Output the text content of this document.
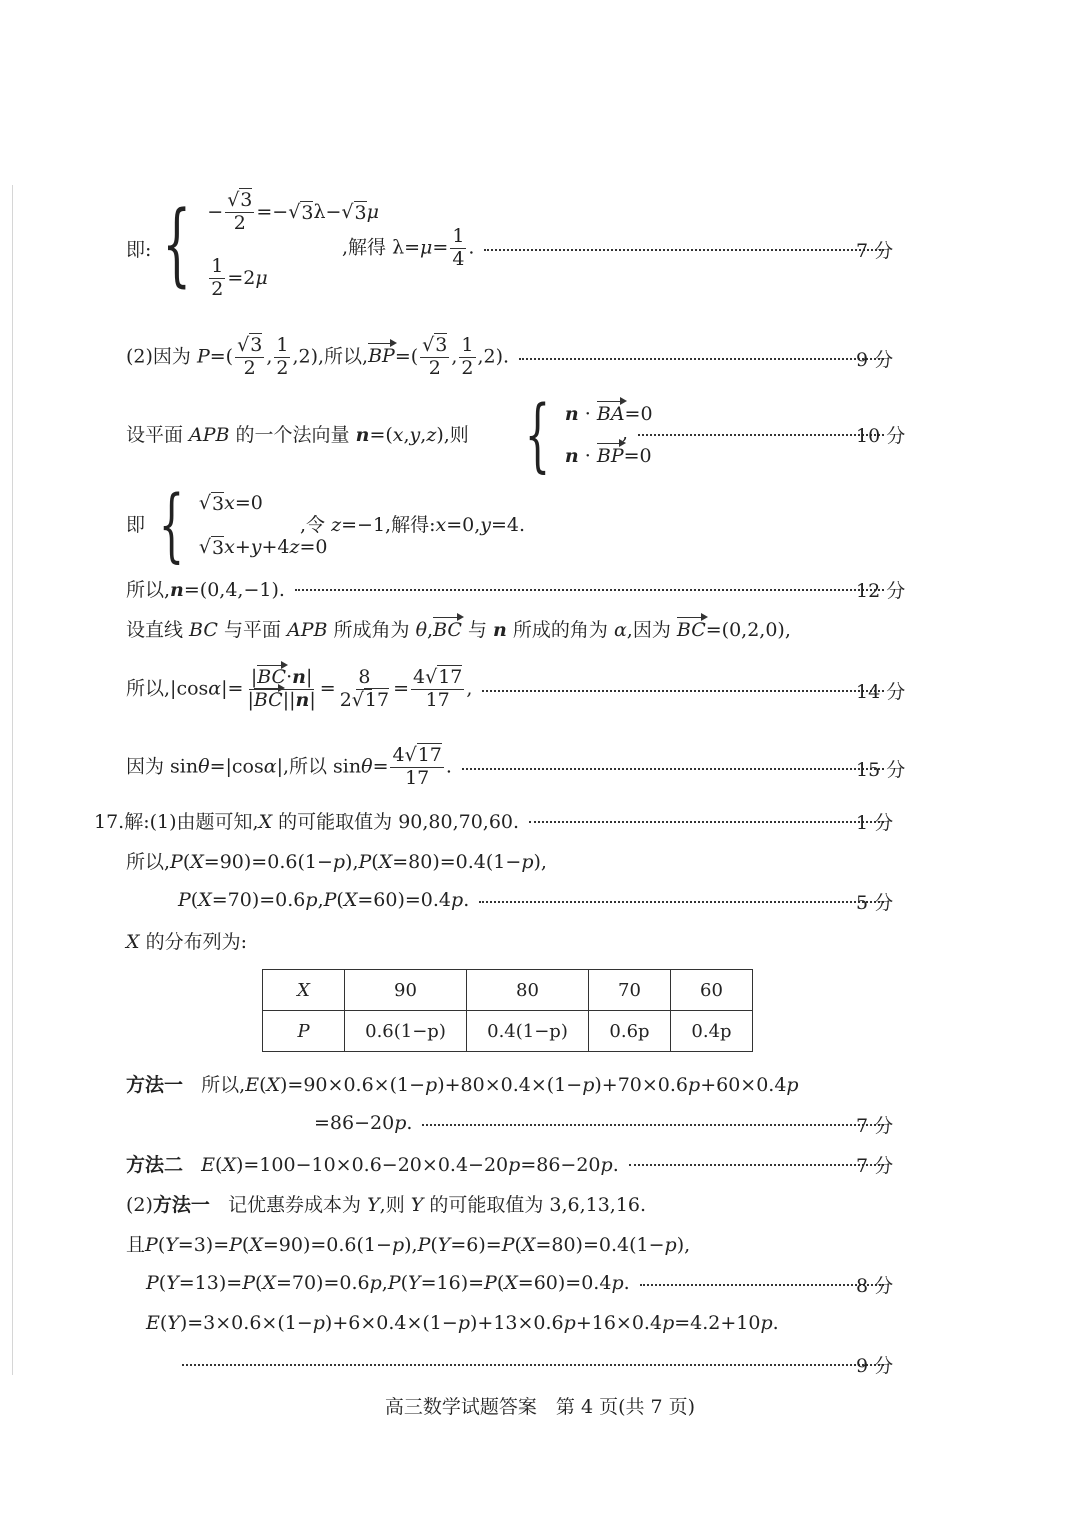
即: { − $\frac{√3}{2}$ =−√ 3 λ−√ 3 μ
$\frac{1}{2} =2$ μ
,解得 $\lambda=\mu= \frac{1}{4}$ .	7 分
(2)因为 $P=( \frac{√3}{2}$ , $\frac{1}{2} ,2$),所以$,BP=( \frac{√3}{2}$ , $\frac{1}{2} ,2$).	9 分
设平面 APB 的一个法向量 n=(x,y,z),则 { n · BA =0
n · BP =0
,	10 分
即 { √ 3 x =0
√ 3 x + y +4 z =0
,令 z=−1,解得:x=0,y=4.
所以,n=(0,4,−1).	12 分
设直线 BC 与平面 APB 所成角为 θ,BC 与 n 所成的角为 α,因为 BC=(0,2,0),
所以$,|\cos\alpha|= \frac{|BC\cdot n|}{|BC||n|} = \frac{8}{2√17} = \frac{4√17}{17}$ ,	14 分
因为 sinθ=|cosα|,所以 $\sin\theta= \frac{4√17}{17}$ .	15 分
17.解:(1)由题可知,X 的可能取值为 90,80,70,60.	1 分
所以,P(X=90)=0.6(1−p),P(X=80)=0.4(1−p),
P(X=70)=0.6p,P(X=60)=0.4p.	5 分
X 的分布列为:
X	90	80	70	60
P	0.6(1−p)	0.4(1−p)	0.6p	0.4p
方法一   所以,E(X)=90×0.6×(1−p)+80×0.4×(1−p)+70×0.6p+60×0.4p
=86−20p.	7 分
方法二 E(X)=100−10×0.6−20×0.4−20p=86−20p.	7 分
(2)方法一   记优惠券成本为 Y,则 Y 的可能取值为 3,6,13,16.
且P(Y=3)=P(X=90)=0.6(1−p),P(Y=6)=P(X=80)=0.4(1−p),
P(Y=13)=P(X=70)=0.6p,P(Y=16)=P(X=60)=0.4p.	8 分
E(Y)=3×0.6×(1−p)+6×0.4×(1−p)+13×0.6p+16×0.4p=4.2+10p.
9 分
高三数学试题答案　第 4 页(共 7 页)
